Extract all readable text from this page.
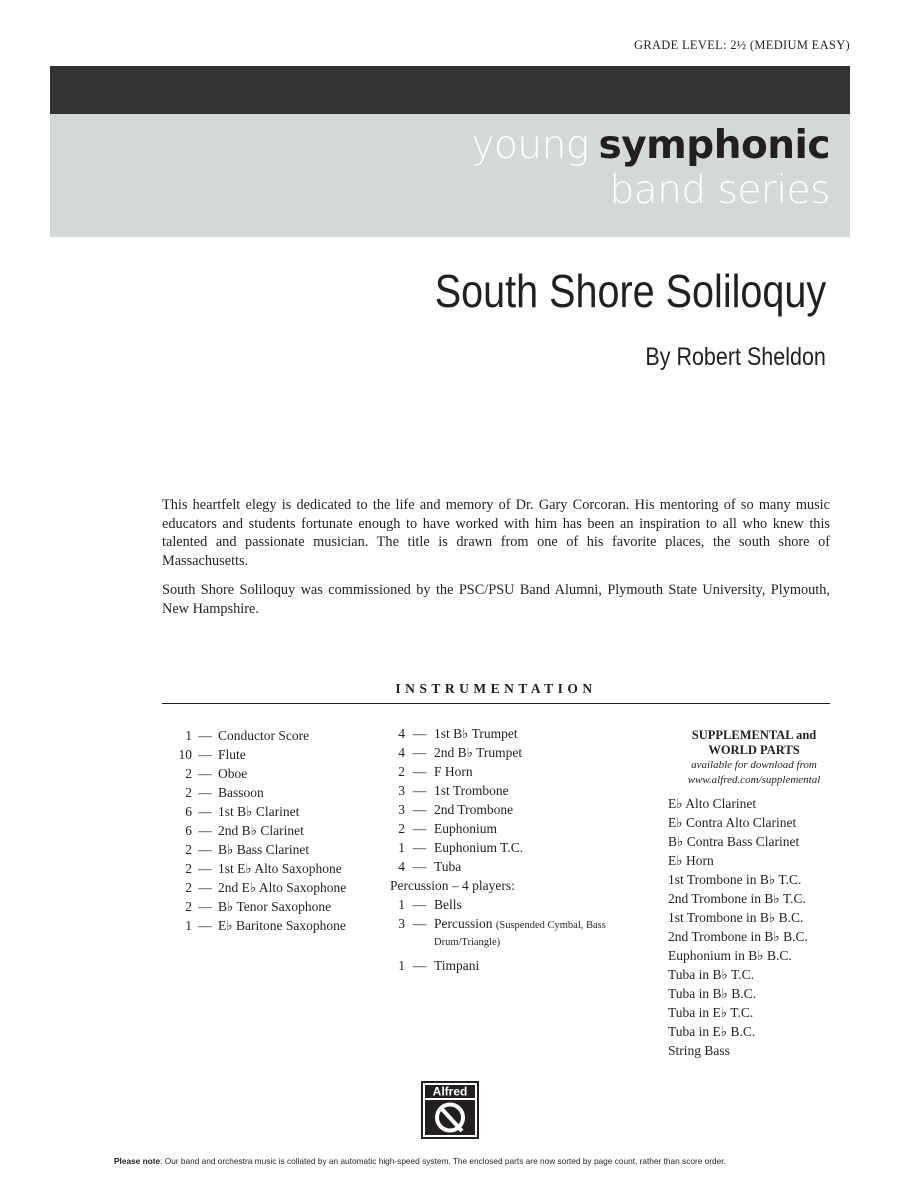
GRADE LEVEL: 2½ (MEDIUM EASY)
young symphonic
band series
South Shore Soliloquy
By Robert Sheldon

This heartfelt elegy is dedicated to the life and memory of Dr. Gary Corcoran. His mentoring of so many music educators and students fortunate enough to have worked with him has been an inspiration to all who knew this talented and passionate musician. The title is drawn from one of his favorite places, the south shore of Massachusetts.

South Shore Soliloquy was commissioned by the PSC/PSU Band Alumni, Plymouth State University, Plymouth, New Hampshire.

INSTRUMENTATION
1 — Conductor Score
10 — Flute
2 — Oboe
2 — Bassoon
6 — 1st B♭ Clarinet
6 — 2nd B♭ Clarinet
2 — B♭ Bass Clarinet
2 — 1st E♭ Alto Saxophone
2 — 2nd E♭ Alto Saxophone
2 — B♭ Tenor Saxophone
1 — E♭ Baritone Saxophone
4 — 1st B♭ Trumpet
4 — 2nd B♭ Trumpet
2 — F Horn
3 — 1st Trombone
3 — 2nd Trombone
2 — Euphonium
1 — Euphonium T.C.
4 — Tuba
Percussion – 4 players:
1 — Bells
3 — Percussion (Suspended Cymbal, Bass Drum/Triangle)
1 — Timpani
SUPPLEMENTAL and
WORLD PARTS
available for download from
www.alfred.com/supplemental
E♭ Alto Clarinet
E♭ Contra Alto Clarinet
B♭ Contra Bass Clarinet
E♭ Horn
1st Trombone in B♭ T.C.
2nd Trombone in B♭ T.C.
1st Trombone in B♭ B.C.
2nd Trombone in B♭ B.C.
Euphonium in B♭ B.C.
Tuba in B♭ T.C.
Tuba in B♭ B.C.
Tuba in E♭ T.C.
Tuba in E♭ B.C.
String Bass
Alfred
Please note: Our band and orchestra music is collated by an automatic high-speed system. The enclosed parts are now sorted by page count, rather than score order.
